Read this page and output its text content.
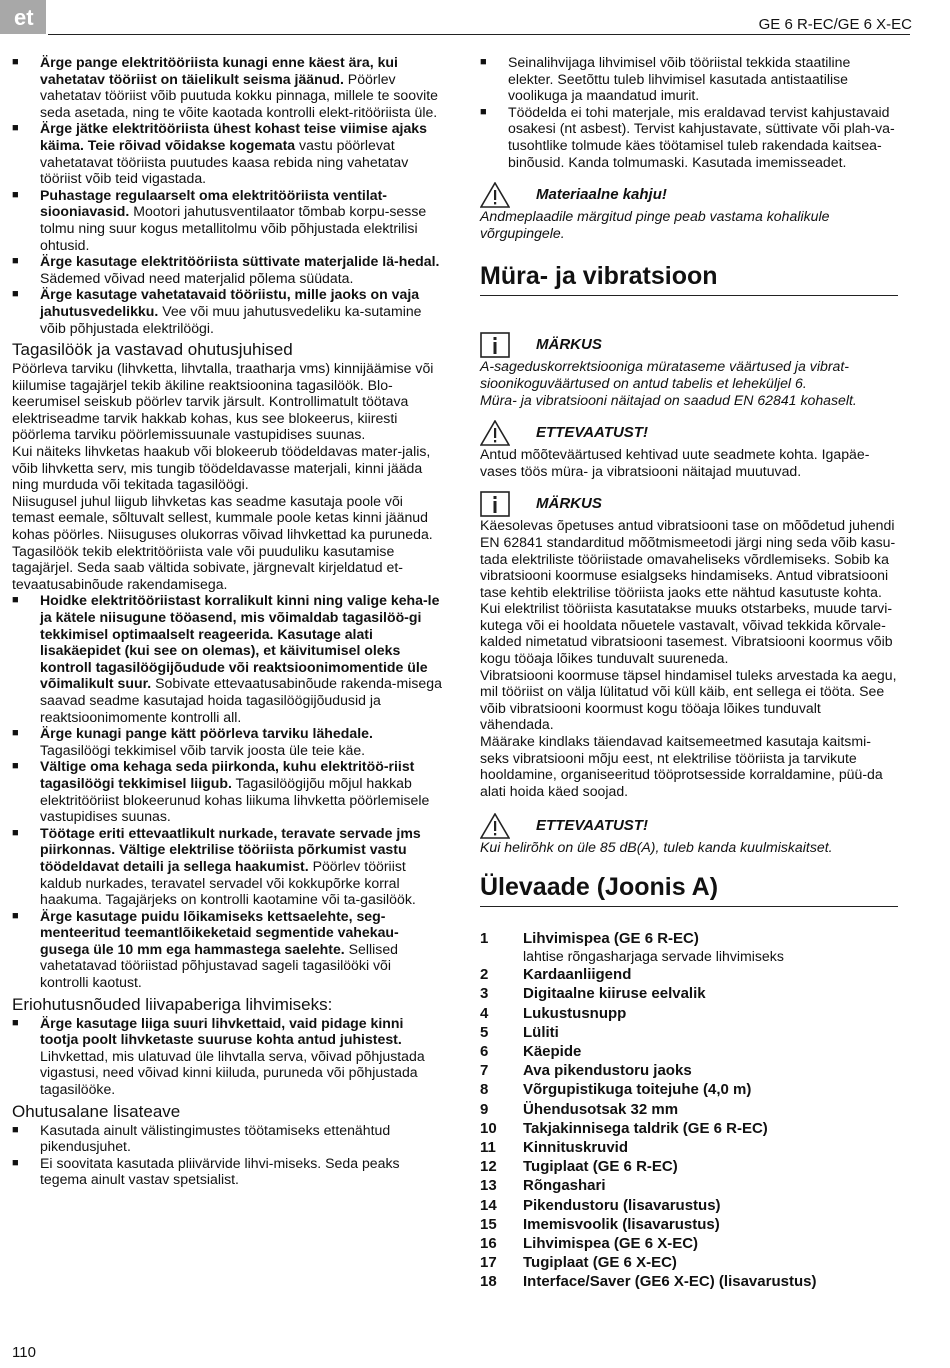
et	GE 6 R-EC/GE 6 X-EC

■ Ärge pange elektritööriista kunagi enne käest ära, kui vahetatav tööriist on täielikult seisma jäänud. Pöörlev vahetatav tööriist võib puutuda kokku pinnaga, millele te soovite seda asetada, ning te võite kaotada kontrolli elekt-ritööriista üle.

■ Ärge jätke elektritööriista ühest kohast teise viimise ajaks käima. Teie rõivad võidakse kogemata vastu pöörlevat vahetatavat tööriista puutudes kaasa rebida ning vahetatav tööriist võib teid vigastada.

■ Puhastage regulaarselt oma elektritööriista ventilat-siooniavasid. Mootori jahutusventilaator tõmbab korpu-sesse tolmu ning suur kogus metallitolmu võib põhjustada elektrilisi ohtusid.

■ Ärge kasutage elektritööriista süttivate materjalide lä-hedal. Sädemed võivad need materjalid põlema süüdata.

■ Ärge kasutage vahetatavaid tööriistu, mille jaoks on vaja jahutusvedelikku. Vee või muu jahutusvedeliku ka-sutamine võib põhjustada elektrilöögi.

Tagasilöök ja vastavad ohutusjuhised

Pöörleva tarviku (lihvketta, lihvtalla, traatharja vms) kinnijäämise või kiilumise tagajärjel tekib äkiline reaktsioonina tagasilöök. Blo-keerumisel seiskub pöörlev tarvik järsult. Kontrollimatult töötava elektriseadme tarvik hakkab kohas, kus see blokeerus, kiiresti pöörlema tarviku pöörlemissuunale vastupidises suunas.

Kui näiteks lihvketas haakub või blokeerub töödeldavas mater-jalis, võib lihvketta serv, mis tungib töödeldavasse materjali, kinni jääda ning murduda või tekitada tagasilöögi.

Niisugusel juhul liigub lihvketas kas seadme kasutaja poole või temast eemale, sõltuvalt sellest, kummale poole ketas kinni jäänud kohas pöörles. Niisuguses olukorras võivad lihvkettad ka puruneda.

Tagasilöök tekib elektritööriista vale või puuduliku kasutamise tagajärjel. Seda saab vältida sobivate, järgnevalt kirjeldatud et-tevaatusabinõude rakendamisega.

■ Hoidke elektritööriistast korralikult kinni ning valige keha-le ja kätele niisugune tööasend, mis võimaldab tagasilöö-gi tekkimisel optimaalselt reageerida. Kasutage alati lisakäepidet (kui see on olemas), et käivitumisel oleks kontroll tagasilöögijõudude või reaktsioonimomentide üle võimalikult suur. Sobivate ettevaatusabinõude rakenda-misega saavad seadme kasutajad hoida tagasilöögijõudusid ja reaktsioonimomente kontrolli all.

■ Ärge kunagi pange kätt pöörleva tarviku lähedale. Tagasilöögi tekkimisel võib tarvik joosta üle teie käe.

■ Vältige oma kehaga seda piirkonda, kuhu elektritöö-riist tagasilöögi tekkimisel liigub. Tagasilöögijõu mõjul hakkab elektritööriist blokeerunud kohas liikuma lihvketta pöörlemisele vastupidises suunas.

■ Töötage eriti ettevaatlikult nurkade, teravate servade jms piirkonnas. Vältige elektrilise tööriista põrkumist vastu töödeldavat detaili ja sellega haakumist. Pöörlev tööriist kaldub nurkades, teravatel servadel või kokkupõrke korral haakuma. Tagajärjeks on kontrolli kaotamine või ta-gasilöök.

■ Ärge kasutage puidu lõikamiseks kettsaelehte, seg-menteeritud teemantlõikeketaid segmentide vahekau-gusega üle 10 mm ega hammastega saelehte. Sellised vahetatavad tööriistad põhjustavad sageli tagasilööki või kontrolli kaotust.

Eriohutusnõuded liivapaberiga lihvimiseks:

■ Ärge kasutage liiga suuri lihvkettaid, vaid pidage kinni tootja poolt lihvketaste suuruse kohta antud juhistest. Lihvkettad, mis ulatuvad üle lihvtalla serva, võivad põhjustada vigastusi, need võivad kinni kiiluda, puruneda või põhjustada tagasilööke.

Ohutusalane lisateave

■ Kasutada ainult välistingimustes töötamiseks ettenähtud pikendusjuhet.

■ Ei soovitata kasutada pliivärvide lihvi-miseks. Seda peaks tegema ainult vastav spetsialist.

■ Seinalihvijaga lihvimisel võib tööriistal tekkida staatiline elekter. Seetõttu tuleb lihvimisel kasutada antistaatilise voolikuga ja maandatud imurit.

■ Töödelda ei tohi materjale, mis eraldavad tervist kahjustavaid osakesi (nt asbest). Tervist kahjustavate, süttivate või plah-va-tusohtlike tolmude käes töötamisel tuleb rakendada kaitsea-binõusid. Kanda tolmumaski. Kasutada imemisseadet.

Materiaalne kahju!

Andmeplaadile märgitud pinge peab vastama kohalikule võrgupingele.

Müra- ja vibratsioon
MÄRKUS

A-sageduskorrektsiooniga mürataseme väärtused ja vibrat-sioonikoguväärtused on antud tabelis et leheküljel 6.

Müra- ja vibratsiooni näitajad on saadud EN 62841 kohaselt.

ETTEVAATUST!

Antud mõõteväärtused kehtivad uute seadmete kohta. Igapäe-vases töös müra- ja vibratsiooni näitajad muutuvad.

MÄRKUS

Käesolevas õpetuses antud vibratsiooni tase on mõõdetud juhendi EN 62841 standarditud mõõtmismeetodi järgi ning seda võib kasu-tada elektriliste tööriistade omavaheliseks võrdlemiseks. Sobib ka vibratsiooni koormuse esialgseks hindamiseks. Antud vibratsiooni tase kehtib elektrilise tööriista jaoks ette nähtud kasutuste kohta. Kui elektrilist tööriista kasutatakse muuks otstarbeks, muude tarvi-kutega või ei hooldata nõuetele vastavalt, võivad tekkida kõrvale-kalded nimetatud vibratsiooni tasemest. Vibratsiooni koormus võib kogu tööaja lõikes tunduvalt suureneda.

Vibratsiooni koormuse täpsel hindamisel tuleks arvestada ka aegu, mil tööriist on välja lülitatud või küll käib, ent sellega ei tööta. See võib vibratsiooni koormust kogu tööaja lõikes tunduvalt vähendada.

Määrake kindlaks täiendavad kaitsemeetmed kasutaja kaitsmi-seks vibratsiooni mõju eest, nt elektrilise tööriista ja tarvikute hooldamine, organiseeritud tööprotsesside korraldamine, püü-da alati hoida käed soojad.

ETTEVAATUST!

Kui helirõhk on üle 85 dB(A), tuleb kanda kuulmiskaitset.

Ülevaade (Joonis A)
1	Lihvimispea (GE 6 R-EC)
lahtise rõngasharjaga servade lihvimiseks
2	Kardaanliigend
3	Digitaalne kiiruse eelvalik
4	Lukustusnupp
5	Lüliti
6	Käepide
7	Ava pikendustoru jaoks
8	Võrgupistikuga toitejuhe (4,0 m)
9	Ühendusotsak 32 mm
10	Takjakinnisega taldrik (GE 6 R-EC)
11	Kinnituskruvid
12	Tugiplaat (GE 6 R-EC)
13	Rõngashari
14	Pikendustoru (lisavarustus)
15	Imemisvoolik (lisavarustus)
16	Lihvimispea (GE 6 X-EC)
17	Tugiplaat (GE 6 X-EC)
18	Interface/Saver (GE6 X-EC) (lisavarustus)
110
